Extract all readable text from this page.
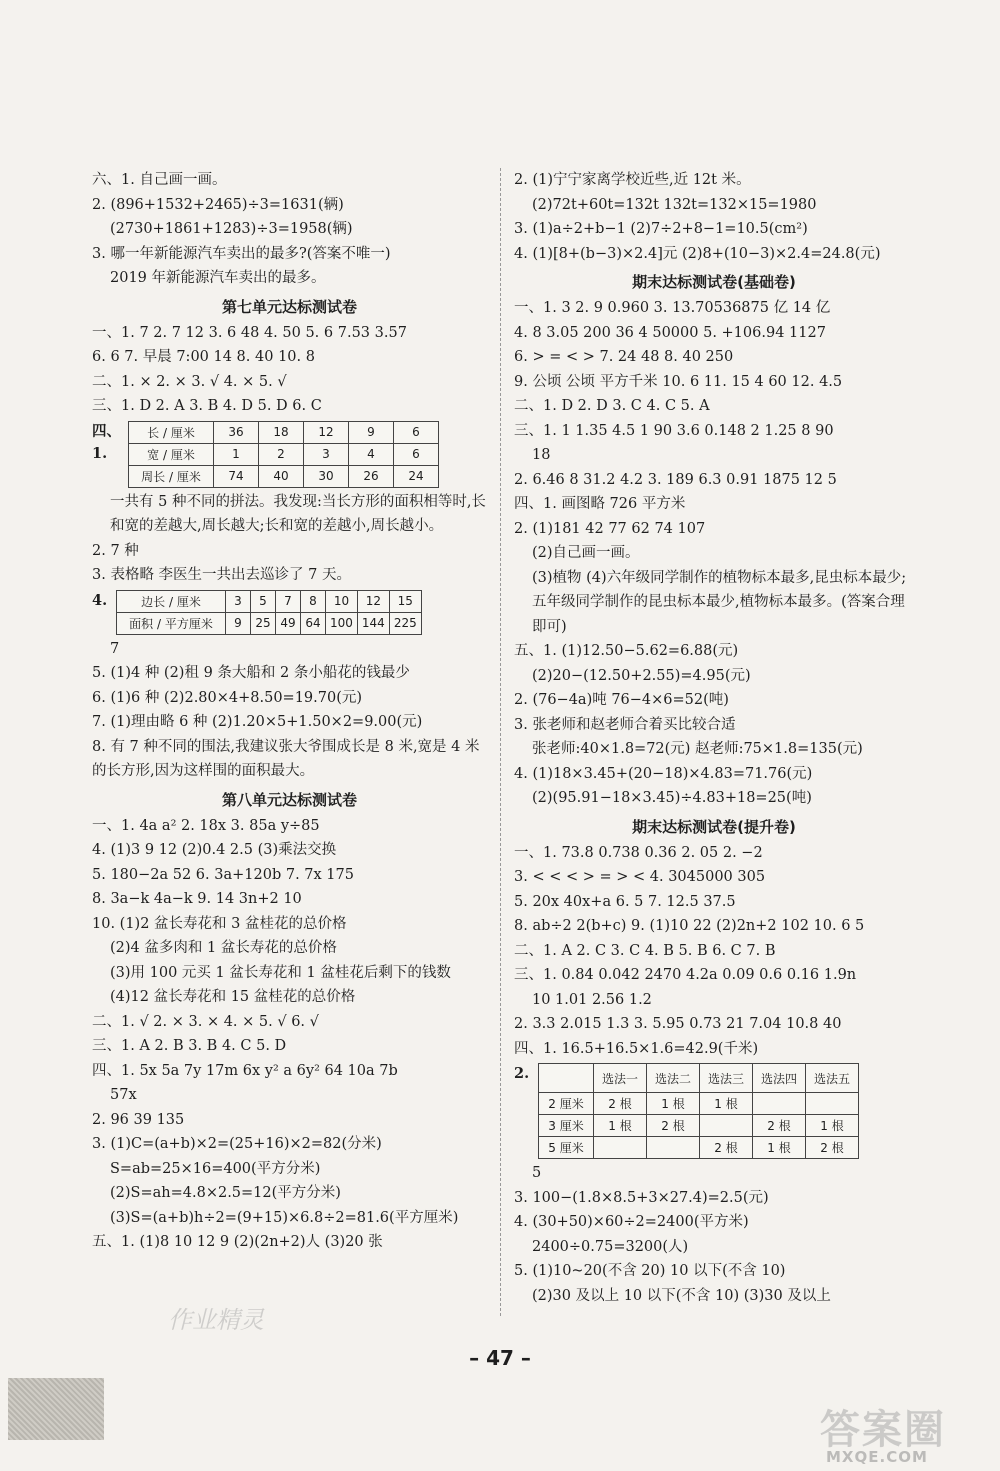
六、1. 自己画一画。
2. (896+1532+2465)÷3=1631(辆)
(2730+1861+1283)÷3=1958(辆)
3. 哪一年新能源汽车卖出的最多?(答案不唯一)
2019 年新能源汽车卖出的最多。
第七单元达标测试卷
一、1. 7 2. 7 12 3. 6 48 4. 50 5. 6 7.53 3.57
6. 6 7. 早晨 7:00 14 8. 40 10. 8
二、1. × 2. × 3. √ 4. × 5. √
三、1. D 2. A 3. B 4. D 5. D 6. C
四、1.
长 / 厘米	36	18	12	9	6
宽 / 厘米	1	2	3	4	6
周长 / 厘米	74	40	30	26	24
一共有 5 种不同的拼法。我发现:当长方形的面积相等时,长和宽的差越大,周长越大;长和宽的差越小,周长越小。
2. 7 种
3. 表格略 李医生一共出去巡诊了 7 天。
4.	边长 / 厘米	3	5	7	8	10	12	15
面积 / 平方厘米	9	25	49	64	100	144	225
7
5. (1)4 种 (2)租 9 条大船和 2 条小船花的钱最少
6. (1)6 种 (2)2.80×4+8.50=19.70(元)
7. (1)理由略 6 种 (2)1.20×5+1.50×2=9.00(元)
8. 有 7 种不同的围法,我建议张大爷围成长是 8 米,宽是 4 米的长方形,因为这样围的面积最大。
第八单元达标测试卷
一、1. 4a a² 2. 18x 3. 85a y÷85
4. (1)3 9 12 (2)0.4 2.5 (3)乘法交换
5. 180−2a 52 6. 3a+120b 7. 7x 175
8. 3a−k 4a−k 9. 14 3n+2 10
10. (1)2 盆长寿花和 3 盆桂花的总价格
(2)4 盆多肉和 1 盆长寿花的总价格
(3)用 100 元买 1 盆长寿花和 1 盆桂花后剩下的钱数
(4)12 盆长寿花和 15 盆桂花的总价格
二、1. √ 2. × 3. × 4. × 5. √ 6. √
三、1. A 2. B 3. B 4. C 5. D
四、1. 5x 5a 7y 17m 6x y² a 6y² 64 10a 7b
57x
2. 96 39 135
3. (1)C=(a+b)×2=(25+16)×2=82(分米)
S=ab=25×16=400(平方分米)
(2)S=ah=4.8×2.5=12(平方分米)
(3)S=(a+b)h÷2=(9+15)×6.8÷2=81.6(平方厘米)
五、1. (1)8 10 12 9 (2)(2n+2)人 (3)20 张
2. (1)宁宁家离学校近些,近 12t 米。
(2)72t+60t=132t 132t=132×15=1980
3. (1)a÷2+b−1 (2)7÷2+8−1=10.5(cm²)
4. (1)[8+(b−3)×2.4]元 (2)8+(10−3)×2.4=24.8(元)
期末达标测试卷(基础卷)
一、1. 3 2. 9 0.960 3. 13.70536875 亿 14 亿
4. 8 3.05 200 36 4 50000 5. +106.94 1127
6. > = < > 7. 24 48 8. 40 250
9. 公顷 公顷 平方千米 10. 6 11. 15 4 60 12. 4.5
二、1. D 2. D 3. C 4. C 5. A
三、1. 1 1.35 4.5 1 90 3.6 0.148 2 1.25 8 90
18
2. 6.46 8 31.2 4.2 3. 189 6.3 0.91 1875 12 5
四、1. 画图略 726 平方米
2. (1)181 42 77 62 74 107
(2)自己画一画。
(3)植物 (4)六年级同学制作的植物标本最多,昆虫标本最少;五年级同学制作的昆虫标本最少,植物标本最多。(答案合理即可)
五、1. (1)12.50−5.62=6.88(元)
(2)20−(12.50+2.55)=4.95(元)
2. (76−4a)吨 76−4×6=52(吨)
3. 张老师和赵老师合着买比较合适
张老师:40×1.8=72(元) 赵老师:75×1.8=135(元)
4. (1)18×3.45+(20−18)×4.83=71.76(元)
(2)(95.91−18×3.45)÷4.83+18=25(吨)
期末达标测试卷(提升卷)
一、1. 73.8 0.738 0.36 2. 05 2. −2
3. < < < > = > < 4. 3045000 305
5. 20x 40x+a 6. 5 7. 12.5 37.5
8. ab÷2 2(b+c) 9. (1)10 22 (2)2n+2 102 10. 6 5
二、1. A 2. C 3. C 4. B 5. B 6. C 7. B
三、1. 0.84 0.042 2470 4.2a 0.09 0.6 0.16 1.9n
10 1.01 2.56 1.2
2. 3.3 2.015 1.3 3. 5.95 0.73 21 7.04 10.8 40
四、1. 16.5+16.5×1.6=42.9(千米)
2.
		选法一	选法二	选法三	选法四	选法五
2 厘米	2 根	1 根	1 根		
3 厘米	1 根	2 根		2 根	1 根
5 厘米			2 根	1 根	2 根
5
3. 100−(1.8×8.5+3×27.4)=2.5(元)
4. (30+50)×60÷2=2400(平方米)
2400÷0.75=3200(人)
5. (1)10~20(不含 20) 10 以下(不含 10)
(2)30 及以上 10 以下(不含 10) (3)30 及以上
作业精灵
– 47 –
答案圈
MXQE.COM
